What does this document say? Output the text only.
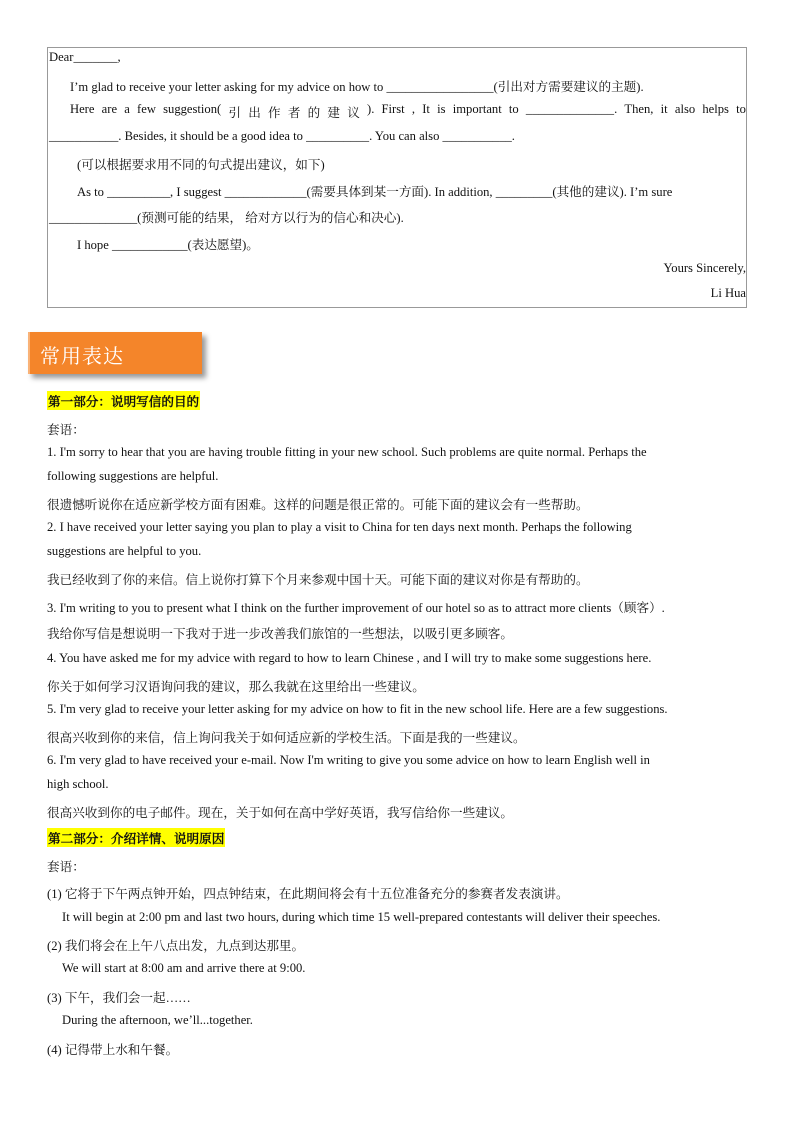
Dear_______,
I’m glad to receive your letter asking for my advice on how to _________________(引出对方需要建议的主题).
Here are a few suggestion( 引 出 作 者 的 建 议 ). First , It is important to ______________. Then, it also helps to
___________. Besides, it should be a good idea to __________. You can also ___________.
(可以根据要求用不同的句式提出建议，如下)
As to __________, I suggest _____________(需要具体到某一方面). In addition, _________(其他的建议). I’m sure
______________(预测可能的结果， 给对方以行为的信心和决心).
I hope ____________(表达愿望)。
Yours Sincerely,
Li Hua
常用表达
第一部分：说明写信的目的
套语：
1. I'm sorry to hear that you are having trouble fitting in your new school. Such problems are quite normal. Perhaps the
following suggestions are helpful.
很遗憾听说你在适应新学校方面有困难。这样的问题是很正常的。可能下面的建议会有一些帮助。
2. I have received your letter saying you plan to play a visit to China for ten days next month. Perhaps the following
suggestions are helpful to you.
我已经收到了你的来信。信上说你打算下个月来参观中国十天。可能下面的建议对你是有帮助的。
3. I'm writing to you to present what I think on the further improvement of our hotel so as to attract more clients（顾客）.
我给你写信是想说明一下我对于进一步改善我们旅馆的一些想法，以吸引更多顾客。
4. You have asked me for my advice with regard to how to learn Chinese , and I will try to make some suggestions here.
你关于如何学习汉语询问我的建议，那么我就在这里给出一些建议。
5. I'm very glad to receive your letter asking for my advice on how to fit in the new school life. Here are a few suggestions.
很高兴收到你的来信，信上询问我关于如何适应新的学校生活。下面是我的一些建议。
6. I'm very glad to have received your e-mail. Now I'm writing to give you some advice on how to learn English well in
high school.
很高兴收到你的电子邮件。现在，关于如何在高中学好英语，我写信给你一些建议。
第二部分：介绍详情、说明原因
套语：
(1) 它将于下午两点钟开始，四点钟结束，在此期间将会有十五位准备充分的参赛者发表演讲。
It will begin at 2:00 pm and last two hours, during which time 15 well-prepared contestants will deliver their speeches.
(2) 我们将会在上午八点出发，九点到达那里。
We will start at 8:00 am and arrive there at 9:00.
(3) 下午，我们会一起……
During the afternoon, we’ll...together.
(4) 记得带上水和午餐。
